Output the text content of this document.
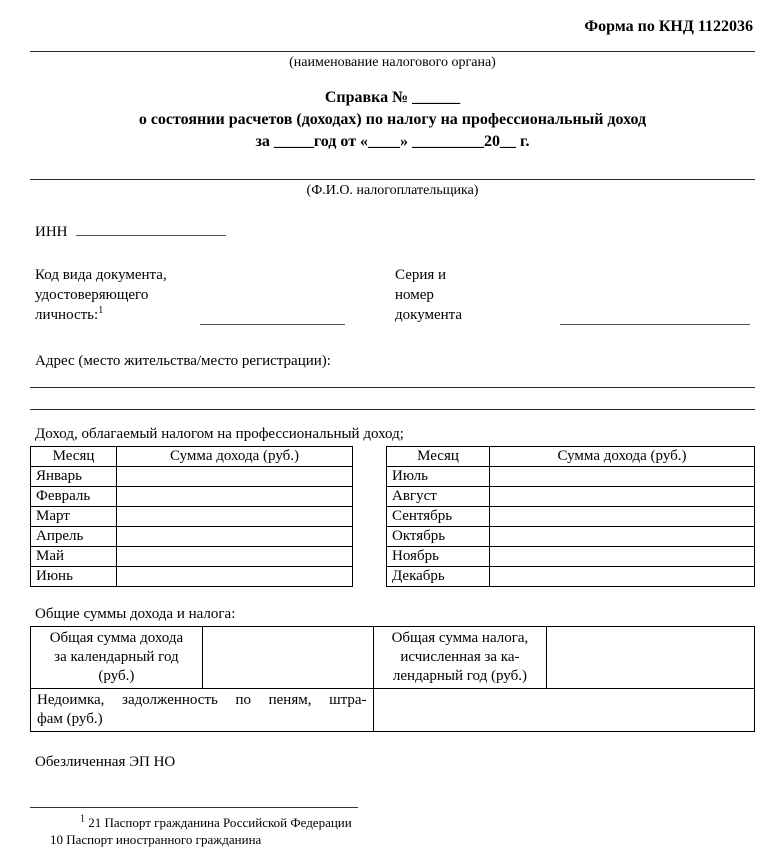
Форма по КНД 1122036
(наименование налогового органа)
Справка № ______
о состоянии расчетов (доходах) по налогу на профессиональный доход
за _____год от «____» _________20__ г.
(Ф.И.О. налогоплательщика)
ИНН
Код вида документа,
удостоверяющего
личность:$^1$
Серия и
номер
документа
Адрес (место жительства/место регистрации):
Доход, облагаемый налогом на профессиональный доход;
Месяц	Сумма дохода (руб.)
Январь	
Февраль	
Март	
Апрель	
Май	
Июнь	
Месяц	Сумма дохода (руб.)
Июль	
Август	
Сентябрь	
Октябрь	
Ноябрь	
Декабрь	
Общие суммы дохода и налога:
Общая сумма дохода
за календарный год
(руб.)

Общая сумма налога,
исчисленная за ка-
лендарный год (руб.)

Недоимка, задолженность по пеням, штра-
фам (руб.)			

Обезличенная ЭП НО
$^1$ 21 Паспорт гражданина Российской Федерации
10 Паспорт иностранного гражданина
